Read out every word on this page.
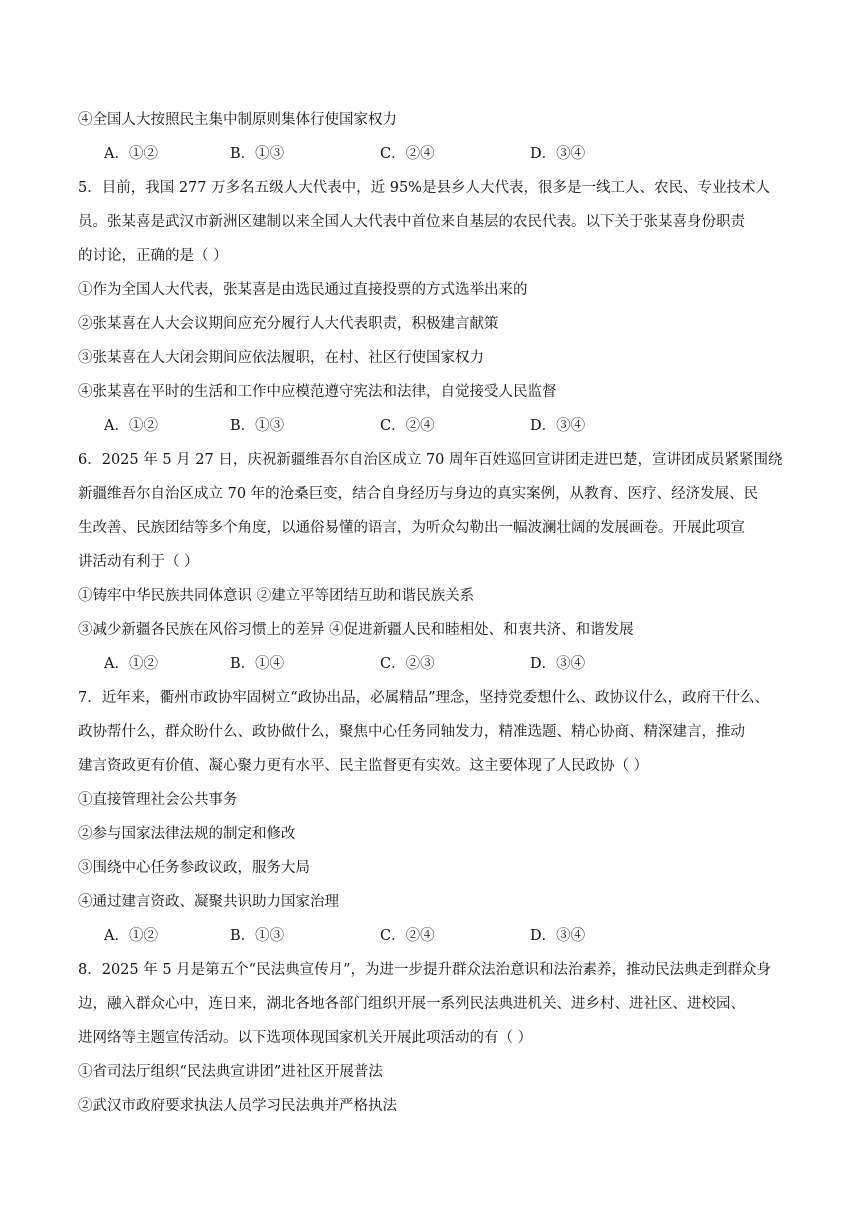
④全国人大按照民主集中制原则集体行使国家权力
A．①②	B．①③	C．②④	D．③④
5．目前，我国 277 万多名五级人大代表中，近 95%是县乡人大代表，很多是一线工人、农民、专业技术人
员。张某喜是武汉市新洲区建制以来全国人大代表中首位来自基层的农民代表。以下关于张某喜身份职责
的讨论，正确的是（ ）
①作为全国人大代表，张某喜是由选民通过直接投票的方式选举出来的
②张某喜在人大会议期间应充分履行人大代表职责，积极建言献策
③张某喜在人大闭会期间应依法履职，在村、社区行使国家权力
④张某喜在平时的生活和工作中应模范遵守宪法和法律，自觉接受人民监督
A．①②	B．①③	C．②④	D．③④
6．2025 年 5 月 27 日，庆祝新疆维吾尔自治区成立 70 周年百姓巡回宣讲团走进巴楚，宣讲团成员紧紧围绕
新疆维吾尔自治区成立 70 年的沧桑巨变，结合自身经历与身边的真实案例，从教育、医疗、经济发展、民
生改善、民族团结等多个角度，以通俗易懂的语言，为听众勾勒出一幅波澜壮阔的发展画卷。开展此项宣
讲活动有利于（ ）
①铸牢中华民族共同体意识 ②建立平等团结互助和谐民族关系
③减少新疆各民族在风俗习惯上的差异 ④促进新疆人民和睦相处、和衷共济、和谐发展
A．①②	B．①④	C．②③	D．③④
7．近年来，衢州市政协牢固树立“政协出品，必属精品”理念，坚持党委想什么、政协议什么，政府干什么、
政协帮什么，群众盼什么、政协做什么，聚焦中心任务同轴发力，精准选题、精心协商、精深建言，推动
建言资政更有价值、凝心聚力更有水平、民主监督更有实效。这主要体现了人民政协（ ）
①直接管理社会公共事务
②参与国家法律法规的制定和修改
③围绕中心任务参政议政，服务大局
④通过建言资政、凝聚共识助力国家治理
A．①②	B．①③	C．②④	D．③④
8．2025 年 5 月是第五个“民法典宣传月”，为进一步提升群众法治意识和法治素养，推动民法典走到群众身
边，融入群众心中，连日来，湖北各地各部门组织开展一系列民法典进机关、进乡村、进社区、进校园、
进网络等主题宣传活动。以下选项体现国家机关开展此项活动的有（ ）
①省司法厅组织“民法典宣讲团”进社区开展普法
②武汉市政府要求执法人员学习民法典并严格执法
